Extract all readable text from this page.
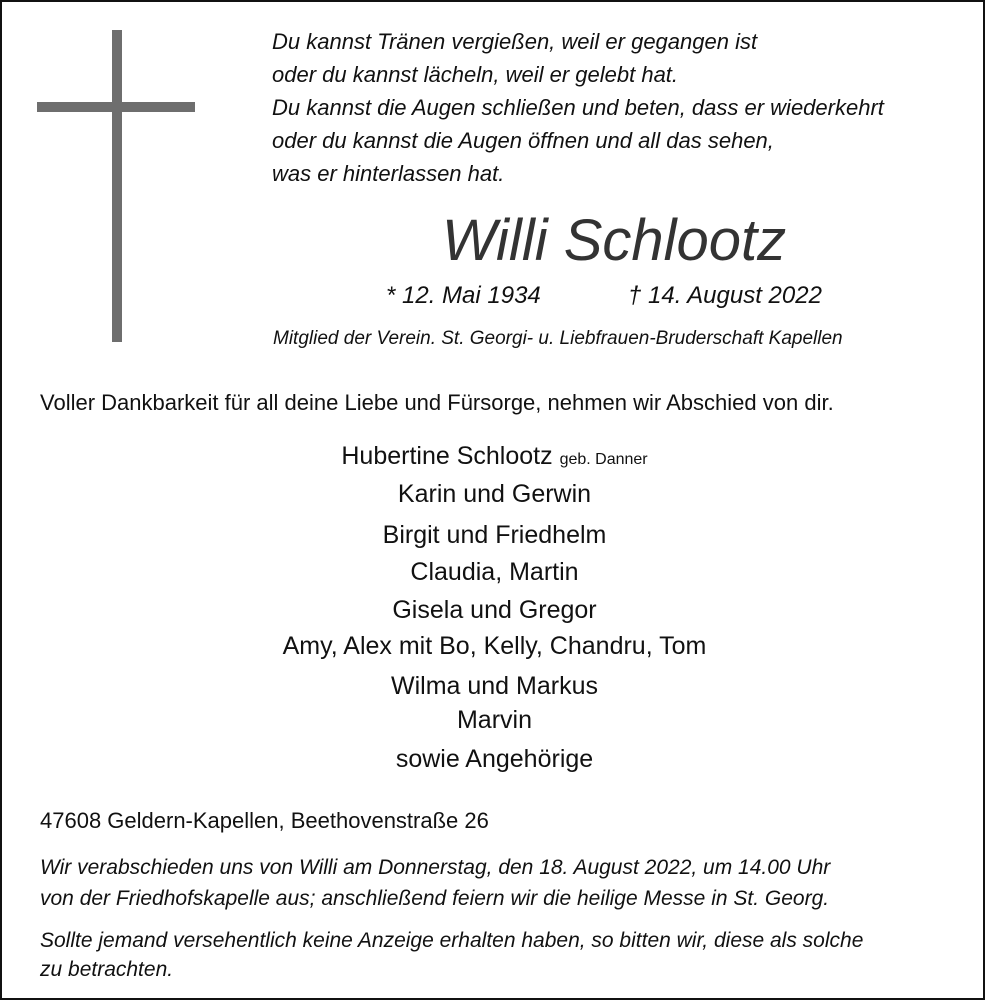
Du kannst Tränen vergießen, weil er gegangen ist
oder du kannst lächeln, weil er gelebt hat.
Du kannst die Augen schließen und beten, dass er wiederkehrt
oder du kannst die Augen öffnen und all das sehen,
was er hinterlassen hat.
Willi Schlootz
* 12. Mai 1934	† 14. August 2022
Mitglied der Verein. St. Georgi- u. Liebfrauen-Bruderschaft Kapellen
Voller Dankbarkeit für all deine Liebe und Fürsorge, nehmen wir Abschied von dir.
Hubertine Schlootz geb. Danner
Karin und Gerwin
Birgit und Friedhelm
Claudia, Martin
Gisela und Gregor
Amy, Alex mit Bo, Kelly, Chandru, Tom
Wilma und Markus
Marvin
sowie Angehörige
47608 Geldern-Kapellen, Beethovenstraße 26
Wir verabschieden uns von Willi am Donnerstag, den 18. August 2022, um 14.00 Uhr
von der Friedhofskapelle aus; anschließend feiern wir die heilige Messe in St. Georg.
Sollte jemand versehentlich keine Anzeige erhalten haben, so bitten wir, diese als solche
zu betrachten.
